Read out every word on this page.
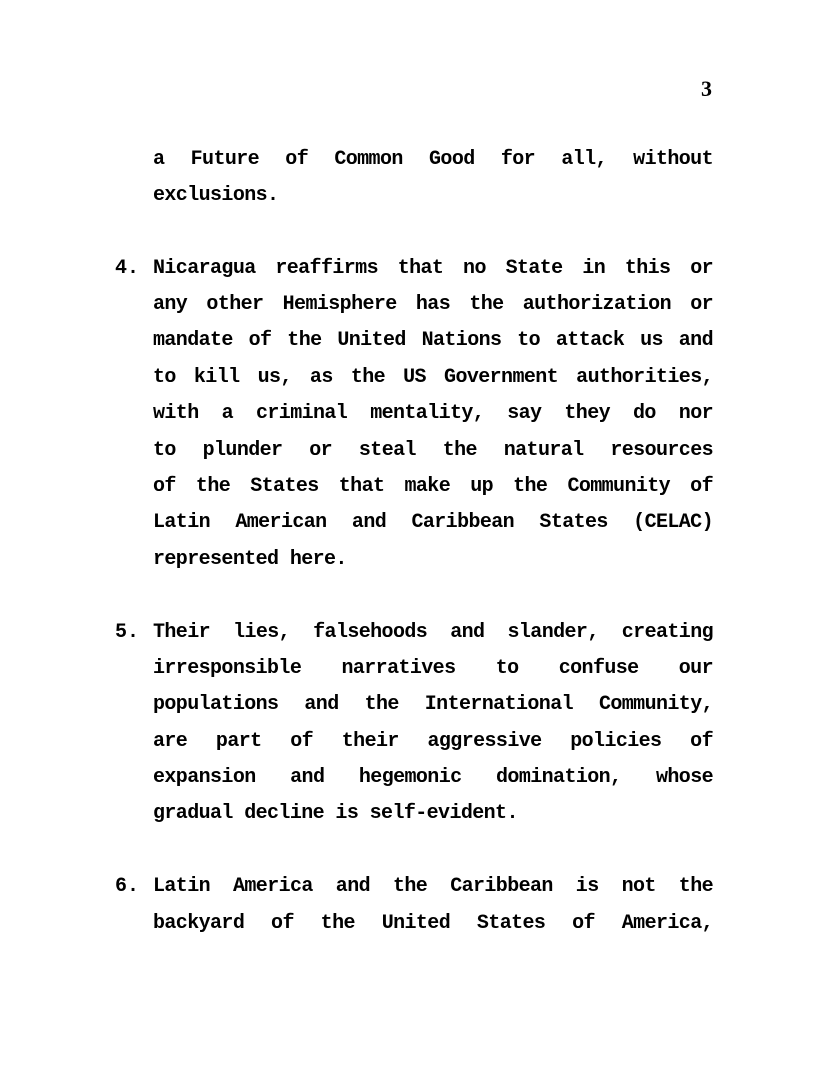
3
a Future of Common Good for all, without
exclusions.
4. Nicaragua reaffirms that no State in this or
any other Hemisphere has the authorization or
mandate of the United Nations to attack us and
to kill us, as the US Government authorities,
with a criminal mentality, say they do nor
to plunder or steal the natural resources
of the States that make up the Community of
Latin American and Caribbean States (CELAC)
represented here.
5. Their lies, falsehoods and slander, creating
irresponsible narratives to confuse our
populations and the International Community,
are part of their aggressive policies of
expansion and hegemonic domination, whose
gradual decline is self-evident.
6. Latin America and the Caribbean is not the
backyard of the United States of America,
